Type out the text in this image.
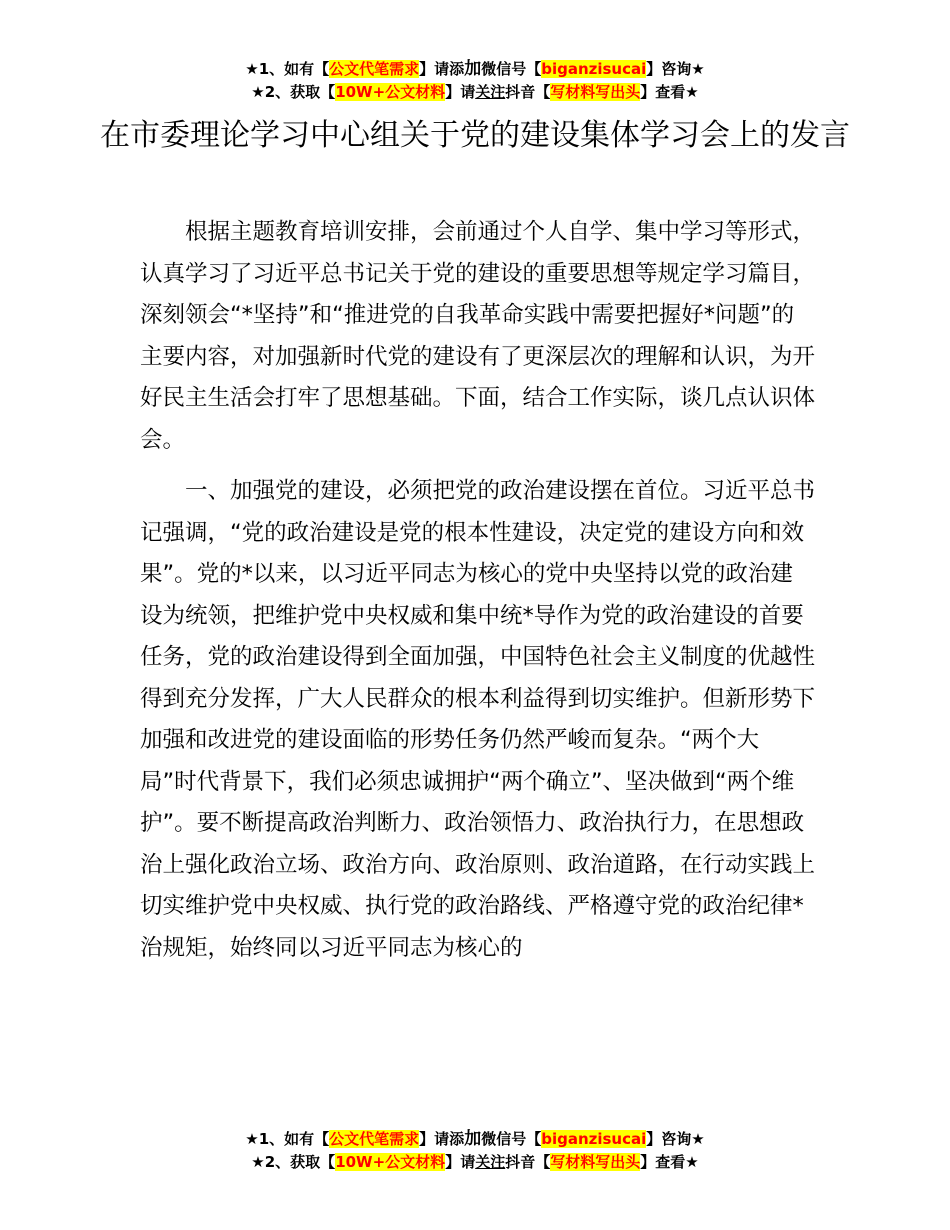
★1、如有【公文代笔需求】请添加微信号【biganzisucai】咨询★
★2、获取【10W+公文材料】请关注抖音【写材料写出头】查看★
在市委理论学习中心组关于党的建设集体学习会上的发言

根据主题教育培训安排，会前通过个人自学、集中学习等形式，认真学习了习近平总书记关于党的建设的重要思想等规定学习篇目，深刻领会“*坚持”和“推进党的自我革命实践中需要把握好*问题”的主要内容，对加强新时代党的建设有了更深层次的理解和认识，为开好民主生活会打牢了思想基础。下面，结合工作实际，谈几点认识体会。

一、加强党的建设，必须把党的政治建设摆在首位。习近平总书记强调，“党的政治建设是党的根本性建设，决定党的建设方向和效果”。党的*以来，以习近平同志为核心的党中央坚持以党的政治建设为统领，把维护党中央权威和集中统*导作为党的政治建设的首要任务，党的政治建设得到全面加强，中国特色社会主义制度的优越性得到充分发挥，广大人民群众的根本利益得到切实维护。但新形势下加强和改进党的建设面临的形势任务仍然严峻而复杂。“两个大局”时代背景下，我们必须忠诚拥护“两个确立”、坚决做到“两个维护”。要不断提高政治判断力、政治领悟力、政治执行力，在思想政治上强化政治立场、政治方向、政治原则、政治道路，在行动实践上切实维护党中央权威、执行党的政治路线、严格遵守党的政治纪律*治规矩，始终同以习近平同志为核心的

★1、如有【公文代笔需求】请添加微信号【biganzisucai】咨询★
★2、获取【10W+公文材料】请关注抖音【写材料写出头】查看★
